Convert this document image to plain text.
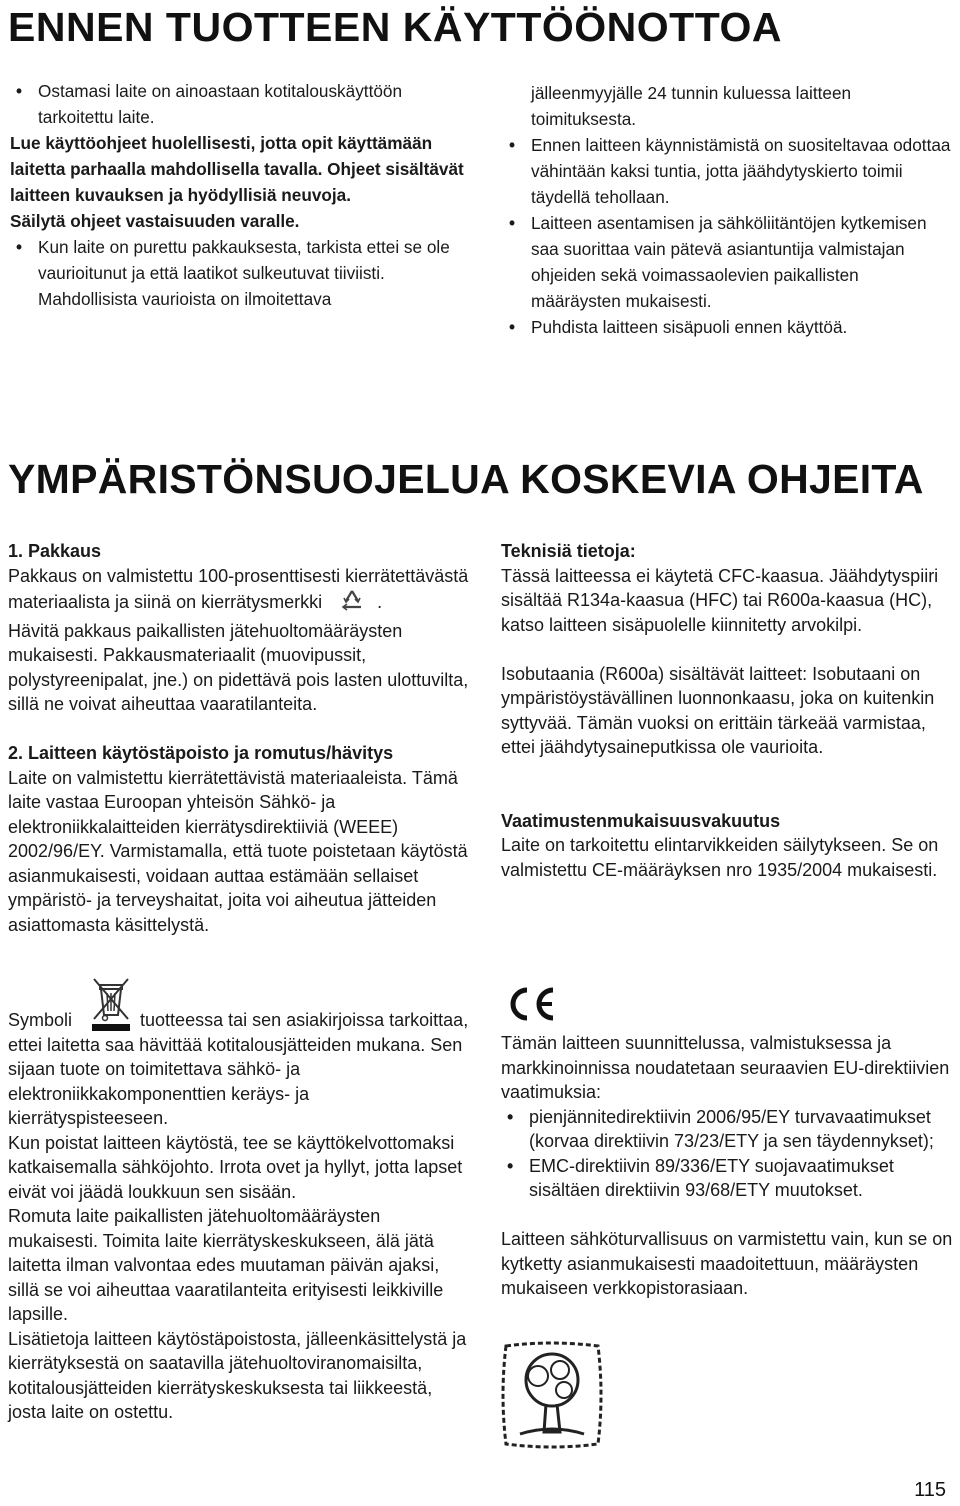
ENNEN TUOTTEEN KÄYTTÖÖNOTTOA
• Ostamasi laite on ainoastaan kotitalouskäyttöön tarkoitettu laite.

Lue käyttöohjeet huolellisesti, jotta opit käyttämään laitetta parhaalla mahdollisella tavalla. Ohjeet sisältävät laitteen kuvauksen ja hyödyllisiä neuvoja.

Säilytä ohjeet vastaisuuden varalle.

• Kun laite on purettu pakkauksesta, tarkista ettei se ole vaurioitunut ja että laatikot sulkeutuvat tiiviisti. Mahdollisista vaurioista on ilmoitettava
jälleenmyyjälle 24 tunnin kuluessa laitteen toimituksesta.
• Ennen laitteen käynnistämistä on suositeltavaa odottaa vähintään kaksi tuntia, jotta jäähdytyskierto toimii täydellä tehollaan.
• Laitteen asentamisen ja sähköliitäntöjen kytkemisen saa suorittaa vain pätevä asiantuntija valmistajan ohjeiden sekä voimassaolevien paikallisten määräysten mukaisesti.
• Puhdista laitteen sisäpuoli ennen käyttöä.
YMPÄRISTÖNSUOJELUA KOSKEVIA OHJEITA

1. Pakkaus

Pakkaus on valmistettu 100-prosenttisesti kierrätettävästä

materiaalista ja siinä on kierrätysmerkki	.

Hävitä pakkaus paikallisten jätehuoltomääräysten mukaisesti. Pakkausmateriaalit (muovipussit, polystyreenipalat, jne.) on pidettävä pois lasten ulottuvilta, sillä ne voivat aiheuttaa vaaratilanteita.

2. Laitteen käytöstäpoisto ja romutus/hävitys

Laite on valmistettu kierrätettävistä materiaaleista. Tämä laite vastaa Euroopan yhteisön Sähkö- ja elektroniikkalaitteiden kierrätysdirektiiviä (WEEE) 2002/96/EY. Varmistamalla, että tuote poistetaan käytöstä asianmukaisesti, voidaan auttaa estämään sellaiset ympäristö- ja terveyshaitat, joita voi aiheutua jätteiden asiattomasta käsittelystä.

Symboli	tuotteessa tai sen asiakirjoissa tarkoittaa, ettei laitetta saa hävittää kotitalousjätteiden mukana. Sen sijaan tuote on toimitettava sähkö- ja elektroniikkakomponenttien keräys- ja kierrätyspisteeseen.

Kun poistat laitteen käytöstä, tee se käyttökelvottomaksi katkaisemalla sähköjohto. Irrota ovet ja hyllyt, jotta lapset eivät voi jäädä loukkuun sen sisään.

Romuta laite paikallisten jätehuoltomääräysten mukaisesti. Toimita laite kierrätyskeskukseen, älä jätä laitetta ilman valvontaa edes muutaman päivän ajaksi, sillä se voi aiheuttaa vaaratilanteita erityisesti leikkiville lapsille.

Lisätietoja laitteen käytöstäpoistosta, jälleenkäsittelystä ja kierrätyksestä on saatavilla jätehuoltoviranomaisilta, kotitalousjätteiden kierrätyskeskuksesta tai liikkeestä, josta laite on ostettu.

Teknisiä tietoja:

Tässä laitteessa ei käytetä CFC-kaasua. Jäähdytyspiiri sisältää R134a-kaasua (HFC) tai R600a-kaasua (HC), katso laitteen sisäpuolelle kiinnitetty arvokilpi.

Isobutaania (R600a) sisältävät laitteet: Isobutaani on ympäristöystävällinen luonnonkaasu, joka on kuitenkin syttyvää. Tämän vuoksi on erittäin tärkeää varmistaa, ettei jäähdytysaineputkissa ole vaurioita.

Vaatimustenmukaisuusvakuutus

Laite on tarkoitettu elintarvikkeiden säilytykseen. Se on valmistettu CE-määräyksen nro 1935/2004 mukaisesti.

Tämän laitteen suunnittelussa, valmistuksessa ja markkinoinnissa noudatetaan seuraavien EU-direktiivien vaatimuksia:

• pienjännitedirektiivin 2006/95/EY turvavaatimukset (korvaa direktiivin 73/23/ETY ja sen täydennykset);
• EMC-direktiivin 89/336/ETY suojavaatimukset sisältäen direktiivin 93/68/ETY muutokset.

Laitteen sähköturvallisuus on varmistettu vain, kun se on kytketty asianmukaisesti maadoitettuun, määräysten mukaiseen verkkopistorasiaan.

115
